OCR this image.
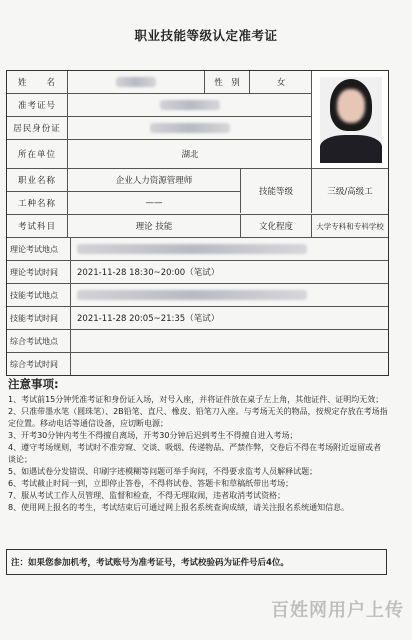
职业技能等级认定准考证
姓　　名	性　别	女
准考证号
居民身份证
所在单位	湖北
职业名称	企业人力资源管理师
工种名称	——
技能等级	三级/高级工
考试科目	理论 技能	文化程度	大学专科和专科学校
理论考试地点
理论考试时间	2021-11-28 18:30~20:00（笔试）
技能考试地点
技能考试时间	2021-11-28 20:05~21:35（笔试）
综合考试地点
综合考试时间
注意事项:

1、考试前15分钟凭准考证和身份证入场，对号入座，并将证件放在桌子左上角，其他证件、证明均无效；

2、只准带墨水笔（圆珠笔）、2B铅笔、直尺、橡皮、铅笔刀入座。与考场无关的物品，按规定存放在考场指定位置。移动电话等通信设备，应切断电源；

3、开考30分钟内考生不得擅自离场，开考30分钟后迟到考生不得擅自进入考场；

4、遵守考场规则，考试时不准旁窥、交谈、吸烟、传递物品、严禁作弊，交卷后不得在考场附近逗留或者谈论；

5、如遇试卷分发错误、印刷字迹模糊等问题可举手询问，不得要求监考人员解释试题；

6、考试截止时间一到，立即停止答卷，不得将试卷、答题卡和草稿纸带出考场；

7、服从考试工作人员管理、监督和检查，不得无理取闹，违者取消考试资格；

8、使用网上报名的考生，考试结束后可通过网上报名系统查询成绩，请关注报名系统通知信息。

注：如果您参加机考，考试账号为准考证号，考试校验码为证件号后4位。
百姓网用户上传
